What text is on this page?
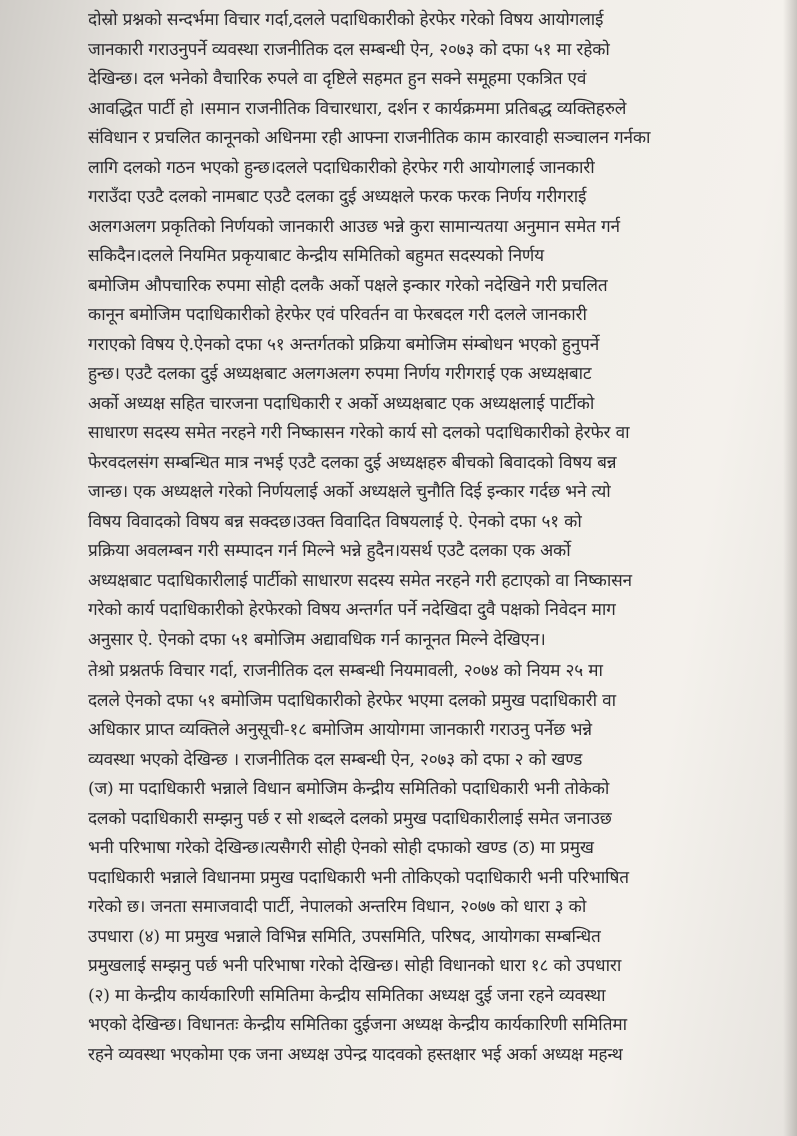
दोस्रो प्रश्नको सन्दर्भमा विचार गर्दा,दलले पदाधिकारीको हेरफेर गरेको विषय आयोगलाई
जानकारी गराउनुपर्ने व्यवस्था राजनीतिक दल सम्बन्धी ऐन, २०७३ को दफा ५१ मा रहेको
देखिन्छ। दल भनेको वैचारिक रुपले वा दृष्टिले सहमत हुन सक्ने समूहमा एकत्रित एवं
आवद्धित पार्टी हो ।समान राजनीतिक विचारधारा, दर्शन र कार्यक्रममा प्रतिबद्ध व्यक्तिहरुले
संविधान र प्रचलित कानूनको अधिनमा रही आफ्ना राजनीतिक काम कारवाही सञ्चालन गर्नका
लागि दलको गठन भएको हुन्छ।दलले पदाधिकारीको हेरफेर गरी आयोगलाई जानकारी
गराउँदा एउटै दलको नामबाट एउटै दलका दुई अध्यक्षले फरक फरक निर्णय गरीगराई
अलगअलग प्रकृतिको निर्णयको जानकारी आउछ भन्ने कुरा सामान्यतया अनुमान समेत गर्न
सकिदैन।दलले नियमित प्रकृयाबाट केन्द्रीय समितिको बहुमत सदस्यको निर्णय
बमोजिम औपचारिक रुपमा सोही दलकै अर्को पक्षले इन्कार गरेको नदेखिने गरी प्रचलित
कानून बमोजिम पदाधिकारीको हेरफेर एवं परिवर्तन वा फेरबदल गरी दलले जानकारी
गराएको विषय ऐ.ऐनको दफा ५१ अन्तर्गतको प्रक्रिया बमोजिम संम्बोधन भएको हुनुपर्ने
हुन्छ। एउटै दलका दुई अध्यक्षबाट अलगअलग रुपमा निर्णय गरीगराई एक अध्यक्षबाट
अर्को अध्यक्ष सहित चारजना पदाधिकारी र अर्को अध्यक्षबाट एक अध्यक्षलाई पार्टीको
साधारण सदस्य समेत नरहने गरी निष्कासन गरेको कार्य सो दलको पदाधिकारीको हेरफेर वा
फेरवदलसंग सम्बन्धित मात्र नभई एउटै दलका दुई अध्यक्षहरु बीचको बिवादको विषय बन्न
जान्छ। एक अध्यक्षले गरेको निर्णयलाई अर्को अध्यक्षले चुनौति दिई इन्कार गर्दछ भने त्यो
विषय विवादको विषय बन्न सक्दछ।उक्त विवादित विषयलाई ऐ. ऐनको दफा ५१ को
प्रक्रिया अवलम्बन गरी सम्पादन गर्न मिल्ने भन्ने हुदैन।यसर्थ एउटै दलका एक अर्को
अध्यक्षबाट पदाधिकारीलाई पार्टीको साधारण सदस्य समेत नरहने गरी हटाएको वा निष्कासन
गरेको कार्य पदाधिकारीको हेरफेरको विषय अन्तर्गत पर्ने नदेखिदा दुवै पक्षको निवेदन माग
अनुसार ऐ. ऐनको दफा ५१ बमोजिम अद्यावधिक गर्न कानूनत मिल्ने देखिएन।
तेश्रो प्रश्नतर्फ विचार गर्दा, राजनीतिक दल सम्बन्धी नियमावली, २०७४ को नियम २५ मा
दलले ऐनको दफा ५१ बमोजिम पदाधिकारीको हेरफेर भएमा दलको प्रमुख पदाधिकारी वा
अधिकार प्राप्त व्यक्तिले अनुसूची-१८ बमोजिम आयोगमा जानकारी गराउनु पर्नेछ भन्ने
व्यवस्था भएको देखिन्छ । राजनीतिक दल सम्बन्धी ऐन, २०७३ को दफा २ को खण्ड
(ज) मा पदाधिकारी भन्नाले विधान बमोजिम केन्द्रीय समितिको पदाधिकारी भनी तोकेको
दलको पदाधिकारी सम्झनु पर्छ र सो शब्दले दलको प्रमुख पदाधिकारीलाई समेत जनाउछ
भनी परिभाषा गरेको देखिन्छ।त्यसैगरी सोही ऐनको सोही दफाको खण्ड (ठ) मा प्रमुख
पदाधिकारी भन्नाले विधानमा प्रमुख पदाधिकारी भनी तोकिएको पदाधिकारी भनी परिभाषित
गरेको छ। जनता समाजवादी पार्टी, नेपालको अन्तरिम विधान, २०७७ को धारा ३ को
उपधारा (४) मा प्रमुख भन्नाले विभिन्न समिति, उपसमिति, परिषद, आयोगका सम्बन्धित
प्रमुखलाई सम्झनु पर्छ भनी परिभाषा गरेको देखिन्छ। सोही विधानको धारा १८ को उपधारा
(२) मा केन्द्रीय कार्यकारिणी समितिमा केन्द्रीय समितिका अध्यक्ष दुई जना रहने व्यवस्था
भएको देखिन्छ। विधानतः केन्द्रीय समितिका दुईजना अध्यक्ष केन्द्रीय कार्यकारिणी समितिमा
रहने व्यवस्था भएकोमा एक जना अध्यक्ष उपेन्द्र यादवको हस्तक्षार भई अर्का अध्यक्ष महन्थ
